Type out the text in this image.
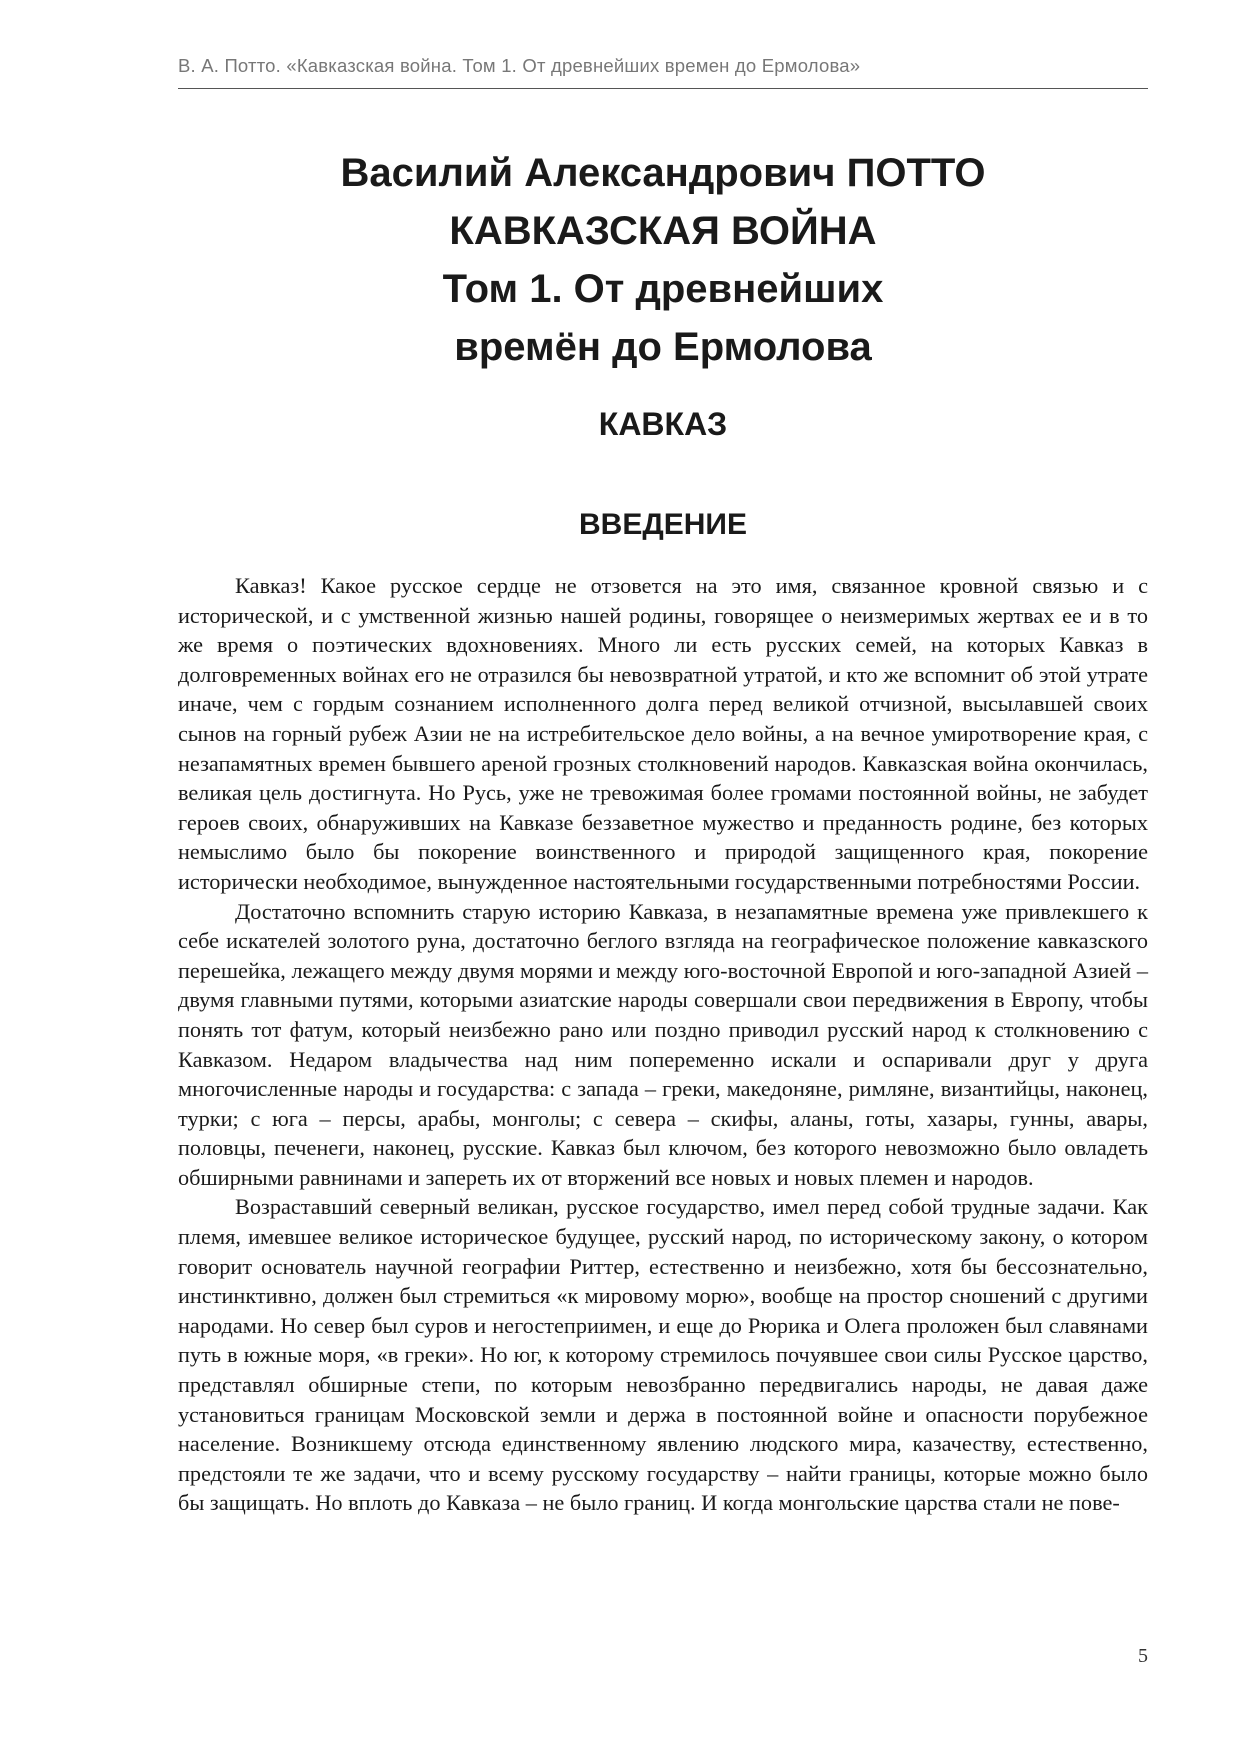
В. А. Потто. «Кавказская война. Том 1. От древнейших времен до Ермолова»
Василий Александрович ПОТТО
КАВКАЗСКАЯ ВОЙНА
Том 1. От древнейших
времён до Ермолова
КАВКАЗ
ВВЕДЕНИЕ

Кавказ! Какое русское сердце не отзовется на это имя, связанное кровной связью и с исторической, и с умственной жизнью нашей родины, говорящее о неизмеримых жертвах ее и в то же время о поэтических вдохновениях. Много ли есть русских семей, на которых Кавказ в долговременных войнах его не отразился бы невозвратной утратой, и кто же вспомнит об этой утрате иначе, чем с гордым сознанием исполненного долга перед великой отчизной, высылавшей своих сынов на горный рубеж Азии не на истребительское дело войны, а на вечное умиротворение края, с незапамятных времен бывшего ареной грозных столкновений народов. Кавказская война окончилась, великая цель достигнута. Но Русь, уже не тревожимая более громами постоянной войны, не забудет героев своих, обнаруживших на Кавказе беззаветное мужество и преданность родине, без которых немыслимо было бы покорение воинственного и природой защищенного края, покорение исторически необходимое, вынужденное настоятельными государственными потребностями России.

Достаточно вспомнить старую историю Кавказа, в незапамятные времена уже привлекшего к себе искателей золотого руна, достаточно беглого взгляда на географическое положение кавказского перешейка, лежащего между двумя морями и между юго-восточной Европой и юго-западной Азией – двумя главными путями, которыми азиатские народы совершали свои передвижения в Европу, чтобы понять тот фатум, который неизбежно рано или поздно приводил русский народ к столкновению с Кавказом. Недаром владычества над ним попеременно искали и оспаривали друг у друга многочисленные народы и государства: с запада – греки, македоняне, римляне, византийцы, наконец, турки; с юга – персы, арабы, монголы; с севера – скифы, аланы, готы, хазары, гунны, авары, половцы, печенеги, наконец, русские. Кавказ был ключом, без которого невозможно было овладеть обширными равнинами и запереть их от вторжений все новых и новых племен и народов.

Возраставший северный великан, русское государство, имел перед собой трудные задачи. Как племя, имевшее великое историческое будущее, русский народ, по историческому закону, о котором говорит основатель научной географии Риттер, естественно и неизбежно, хотя бы бессознательно, инстинктивно, должен был стремиться «к мировому морю», вообще на простор сношений с другими народами. Но север был суров и негостеприимен, и еще до Рюрика и Олега проложен был славянами путь в южные моря, «в греки». Но юг, к которому стремилось почуявшее свои силы Русское царство, представлял обширные степи, по которым невозбранно передвигались народы, не давая даже установиться границам Московской земли и держа в постоянной войне и опасности порубежное население. Возникшему отсюда единственному явлению людского мира, казачеству, естественно, предстояли те же задачи, что и всему русскому государству – найти границы, которые можно было бы защищать. Но вплоть до Кавказа – не было границ. И когда монгольские царства стали не пове-

5
